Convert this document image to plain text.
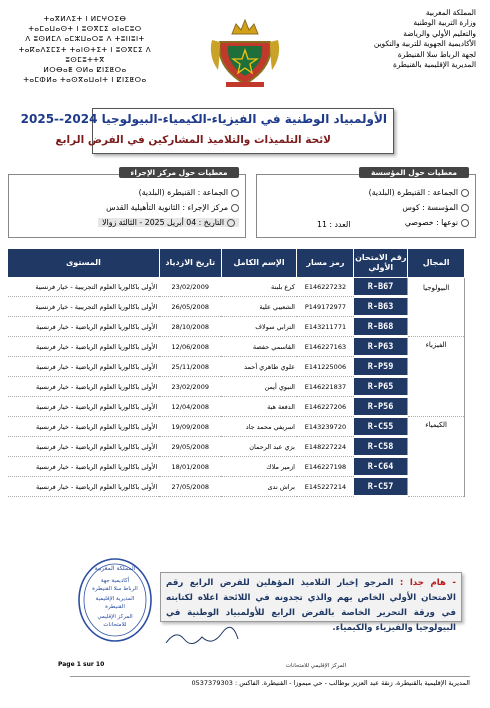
المملكة المغربية
وزارة التربية الوطنية
والتعليم الأولي والرياضة
الأكاديمية الجهوية للتربية والتكوين
لجهة الرباط سلا القنيطرة
المديرية الإقليمية بالقنيطرة
ⵜⴰⴳⵍⴷⵉⵜ ⵏ ⵍⵎⵖⵔⵉⴱ
ⵜⴰⵎⴰⵡⴰⵙⵜ ⵏ ⵓⵙⴳⵎⵉ ⴰⵏⴰⵎⵓⵔ
ⴷ ⵓⵙⵍⵎⴷ ⴰⵎⵣⵡⴰⵔⵓ ⴷ ⵜⵓⵏⵏⵓⵏⵜ
ⵜⴰⴽⴰⴷⵉⵎⵉⵜ ⵜⴰⵏⵙⵜⵉⵜ ⵏ ⵓⵙⴳⵎⵉ ⴷ ⵓⵙⵎⵓⵜⵜⴳ
ⵍⵔⴱⴰⵟ ⵙⵍⴰ ⵇⵏⵉⵟⵔⴰ
ⵜⴰⵎⵀⵍⴰ ⵜⴰⵙⴳⴰⵡⴰⵏⵜ ⵏ ⵇⵏⵉⵟⵔⴰ
الأولمبياد الوطنية في الفيزياء-الكيمياء-البيولوجيا 2024--2025
لائحة التلميذات والتلاميذ المشاركين في الفرض الرابع
معطيات حول المؤسسة
الجماعة : القنيطرة (البلدية)
المؤسسة : كوس
نوعها : خصوصي
العدد : 11
معطيات حول مركز الإجراء
الجماعة : القنيطرة (البلدية)
مركز الإجراء : الثانوية التأهيلية القدس
التاريخ : 04 أبريل 2025 - الثالثة زوالا
المجال	رقم الامتحان الأولي	رمز مسار	الإسم الكامل	تاريخ الازدياد	المستوى
البيولوجيا	R-B67	E146227232	كرع بلبنة	23/02/2009	الأولى باكالوريا العلوم التجريبية - خيار فرنسية
	R-B63	P149172977	الشعيبي علية	26/05/2008	الأولى باكالوريا العلوم التجريبية - خيار فرنسية
	R-B68	E143211771	الترابي سولاف	28/10/2008	الأولى باكالوريا العلوم الرياضية - خيار فرنسية
الفيزياء	R-P63	E146227163	القاسمي حفصة	12/06/2008	الأولى باكالوريا العلوم الرياضية - خيار فرنسية
	R-P59	E141225006	علوي طاهري أحمد	25/11/2008	الأولى باكالوريا العلوم الرياضية - خيار فرنسية
	R-P65	E146221837	النبوي أيمن	23/02/2009	الأولى باكالوريا العلوم الرياضية - خيار فرنسية
	R-P56	E146227206	الدفعة هبة	12/04/2008	الأولى باكالوريا العلوم الرياضية - خيار فرنسية
الكيمياء	R-C55	E143239720	اسريفي محمد جاد	19/09/2008	الأولى باكالوريا العلوم الرياضية - خيار فرنسية
	R-C58	E148227224	بزي عبد الرحمان	29/05/2008	الأولى باكالوريا العلوم الرياضية - خيار فرنسية
	R-C64	E146227198	ازمير ملاك	18/01/2008	الأولى باكالوريا العلوم الرياضية - خيار فرنسية
	R-C57	E145227214	براش ندى	27/05/2008	الأولى باكالوريا العلوم الرياضية - خيار فرنسية
المملكة المغربية
أكاديمية جهة
الرباط سلا القنيطرة
المديرية الإقليمية
القنيطرة
المركز الإقليمي
للامتحانات
- هام جدا : المرجو إخبار التلاميذ المؤهلين للفرض الرابع رقم الامتحان الأولي الخاص بهم والذي تجدونه في اللائحة اعلاه لكتابته في ورقة التحرير الخاصة بالفرض الرابع للأولمبياد الوطنية في البيولوجيا والفيزياء والكيمياء.
Page 1 sur 10	المركز الإقليمي للامتحانات
المديرية الإقليمية بالقنيطرة، زنقة عبد العزيز بوطالب - حي ميموزا - القنيطرة. الفاكس : 0537379303
